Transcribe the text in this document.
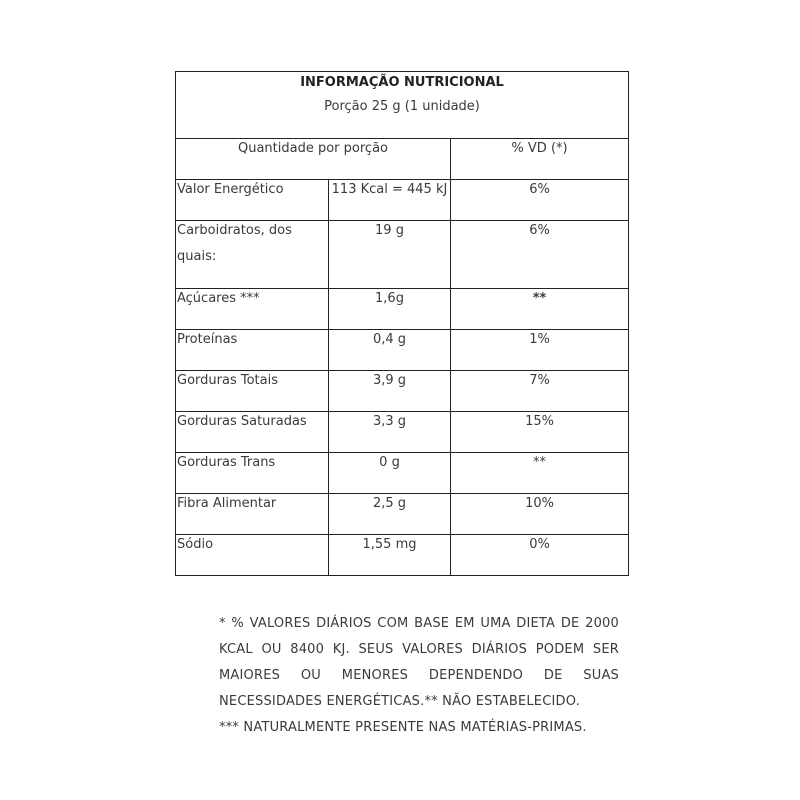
INFORMAÇÃO NUTRICIONAL
Porção 25 g (1 unidade)		

Quantidade por porção		% VD (*)
Valor Energético	113 Kcal = 445 kJ	6%

Carboidratos, dos quais:	19 g	6%
Açúcares ***	1,6g	**
Proteínas	0,4 g	1%
Gorduras Totais	3,9 g	7%
Gorduras Saturadas	3,3 g	15%
Gorduras Trans	0 g	**
Fibra Alimentar	2,5 g	10%
Sódio	1,55 mg	0%
* % VALORES DIÁRIOS COM BASE EM UMA DIETA DE 2000 KCAL OU 8400 KJ. SEUS VALORES DIÁRIOS PODEM SER MAIORES OU MENORES DEPENDENDO DE SUAS NECESSIDADES ENERGÉTICAS.** NÃO ESTABELECIDO.
*** NATURALMENTE PRESENTE NAS MATÉRIAS-PRIMAS.
